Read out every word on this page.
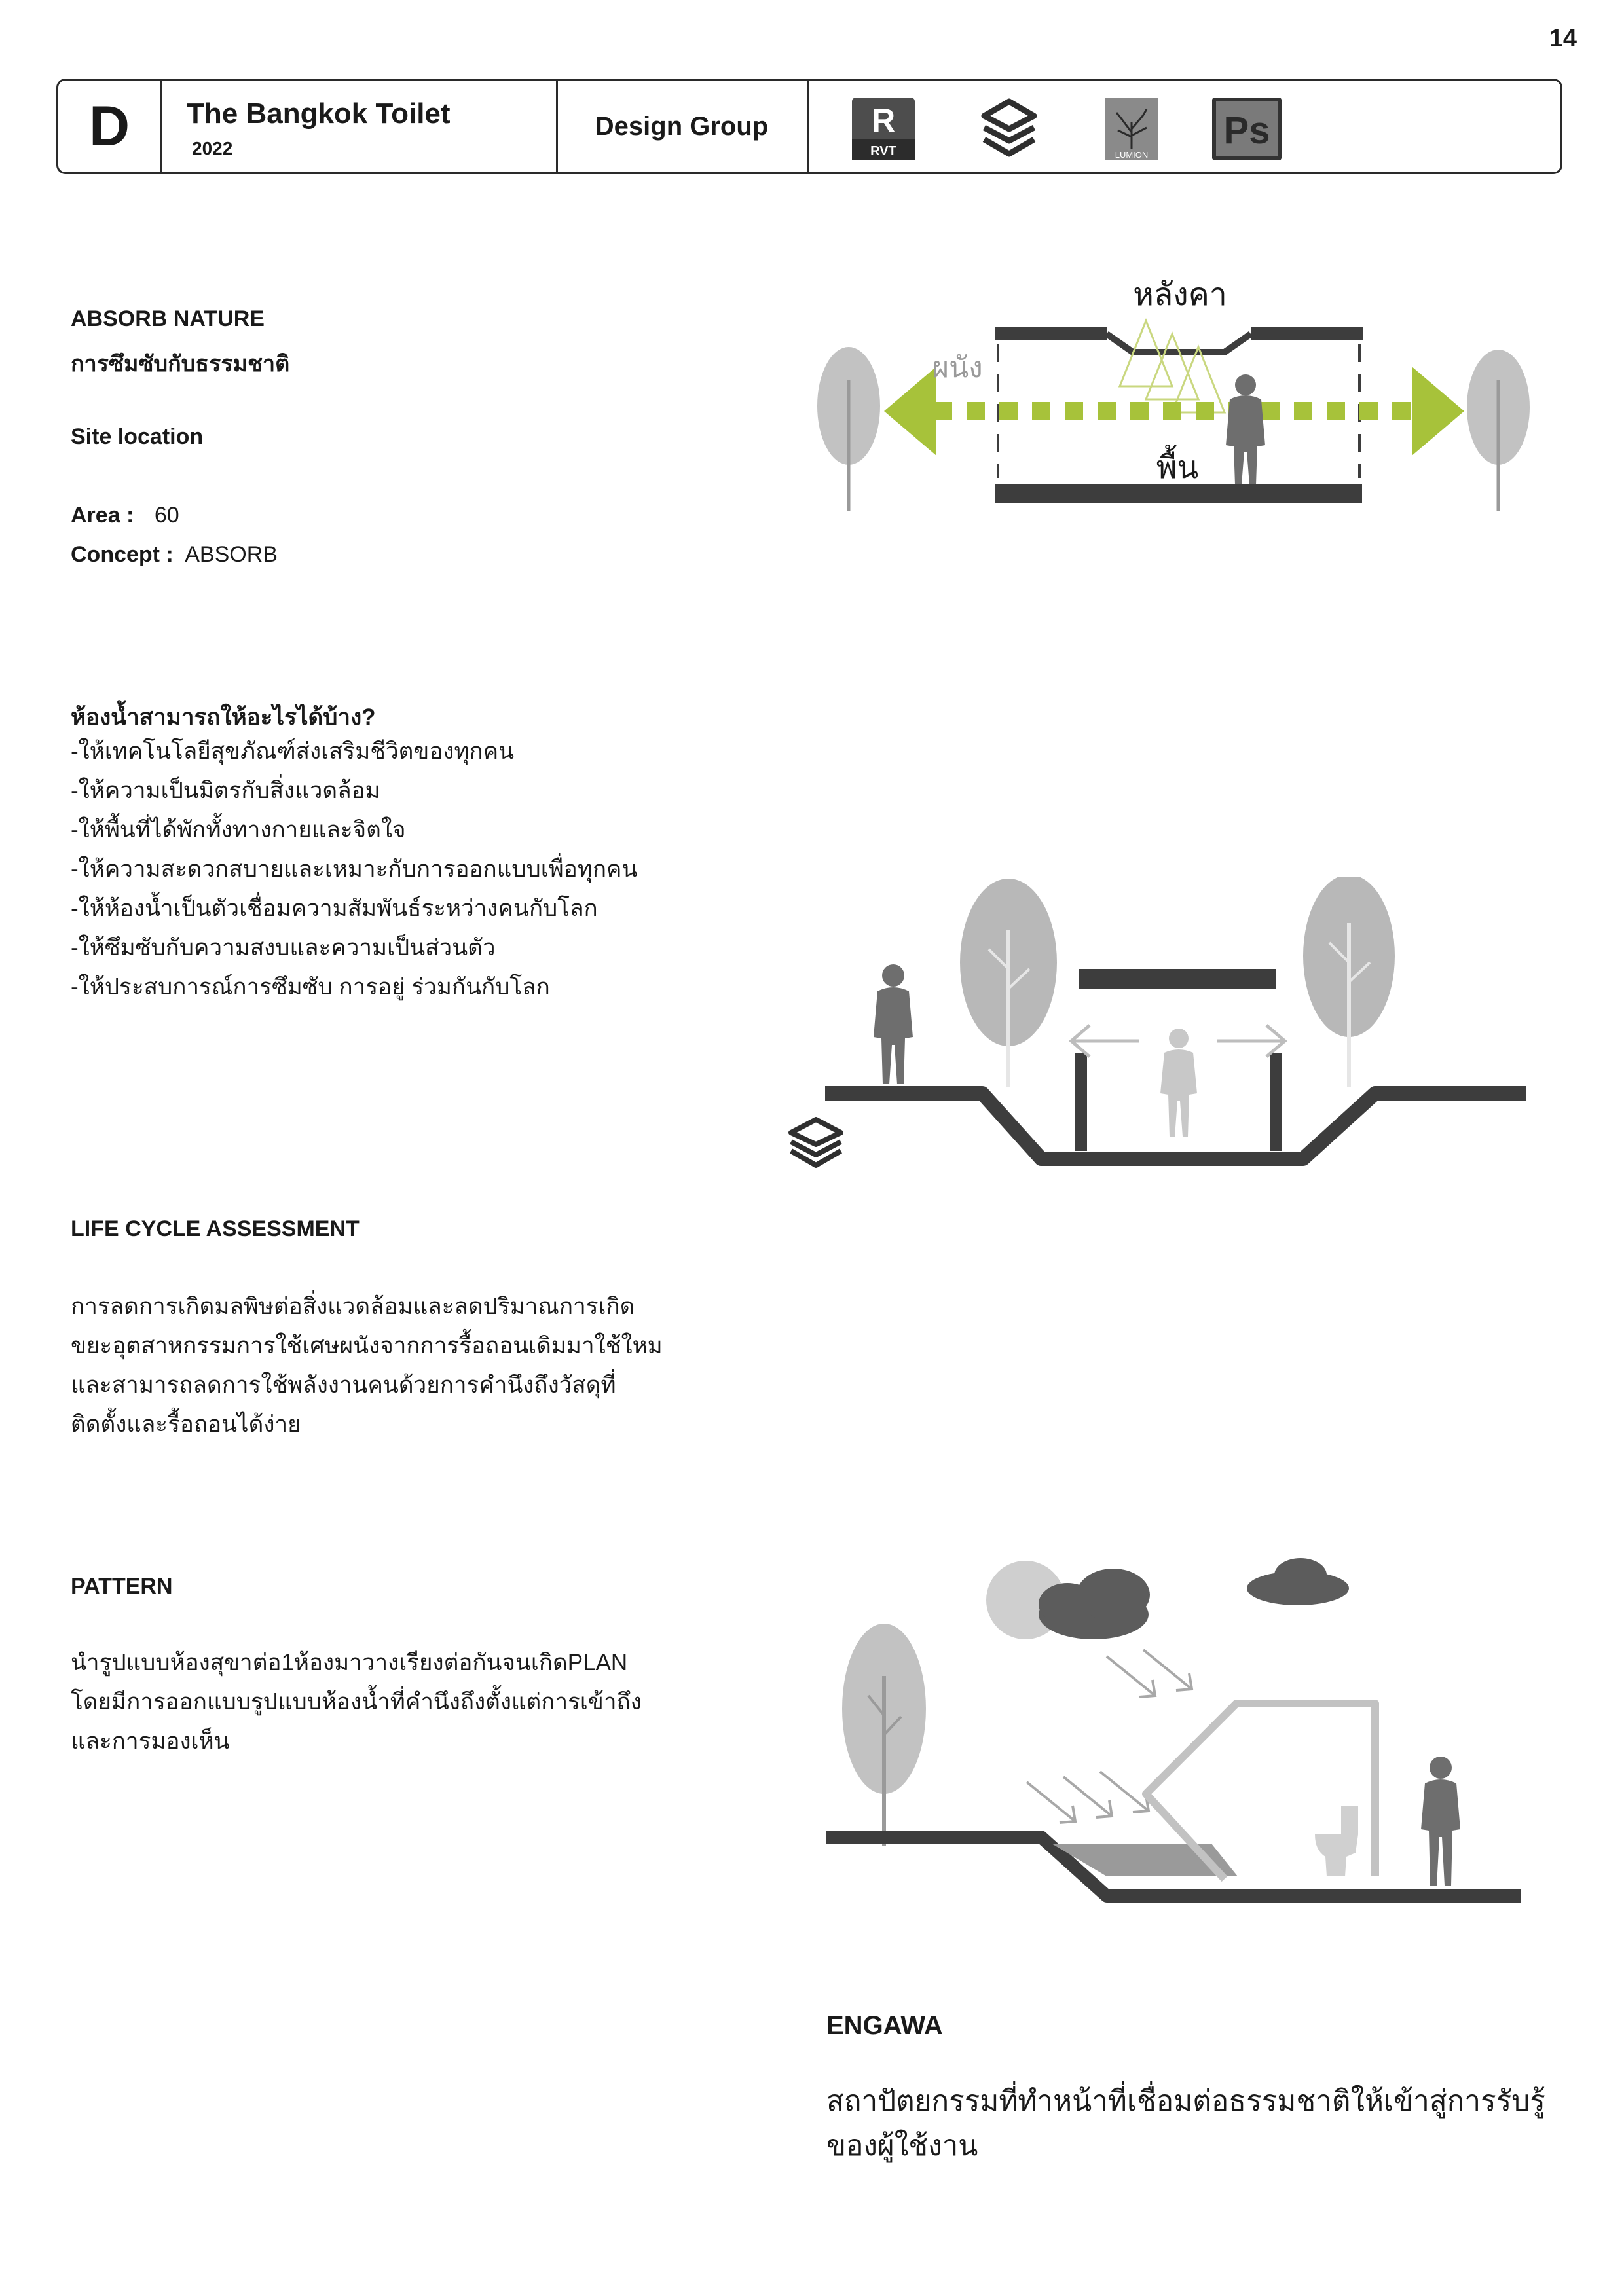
14
D	The Bangkok Toilet
2022
Design Group	R
RVT	LUMION
Ps
ABSORB NATURE
การซึมซับกับธรรมชาติ
Site location
Area : 60
Concept : ABSORB
ห้องน้ำสามารถให้อะไรได้บ้าง?
-ให้เทคโนโลยีสุขภัณฑ์ส่งเสริมชีวิตของทุกคน
-ให้ความเป็นมิตรกับสิ่งแวดล้อม
-ให้พื้นที่ได้พักทั้งทางกายและจิตใจ
-ให้ความสะดวกสบายและเหมาะกับการออกแบบเพื่อทุกคน
-ให้ห้องน้ำเป็นตัวเชื่อมความสัมพันธ์ระหว่างคนกับโลก
-ให้ซึมซับกับความสงบและความเป็นส่วนตัว
-ให้ประสบการณ์การซึมซับ การอยู่ ร่วมกันกับโลก
LIFE CYCLE ASSESSMENT
การลดการเกิดมลพิษต่อสิ่งแวดล้อมและลดปริมาณการเกิด
ขยะอุตสาหกรรมการใช้เศษผนังจากการรื้อถอนเดิมมาใช้ใหม
และสามารถลดการใช้พลังงานคนด้วยการคำนึงถึงวัสดุที่
ติดตั้งและรื้อถอนได้ง่าย
PATTERN
นำรูปแบบห้องสุขาต่อ1ห้องมาวางเรียงต่อกันจนเกิดPLAN
โดยมีการออกแบบรูปแบบห้องน้ำที่คำนึงถึงตั้งแต่การเข้าถึง
และการมองเห็น
หลังคา
ผนัง
พื้น
ENGAWA
สถาปัตยกรรมที่ทำหน้าที่เชื่อมต่อธรรมชาติให้เข้าสู่การรับรู้
ของผู้ใช้งาน
